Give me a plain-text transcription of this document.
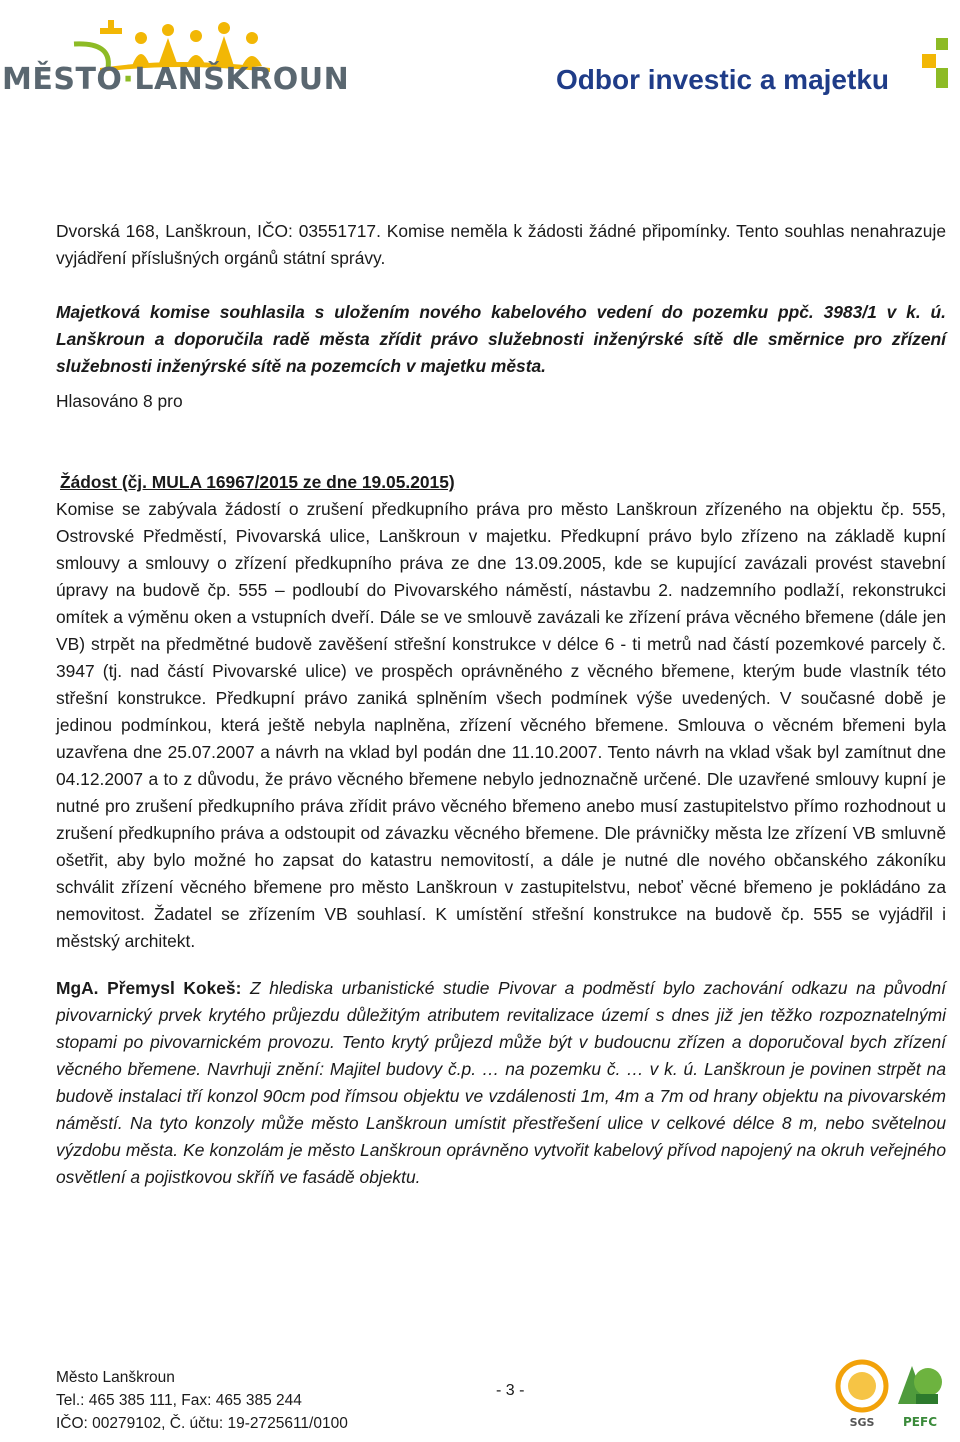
MĚSTO·LANŠKROUN	Odbor investic a majetku

Dvorská 168, Lanškroun, IČO: 03551717. Komise neměla k žádosti žádné připomínky. Tento souhlas nenahrazuje vyjádření příslušných orgánů státní správy.

Majetková komise souhlasila s uložením nového kabelového vedení do pozemku ppč. 3983/1 v k. ú. Lanškroun a doporučila radě města zřídit právo služebnosti inženýrské sítě dle směrnice pro zřízení služebnosti inženýrské sítě na pozemcích v majetku města.

Hlasováno 8 pro

Žádost (čj. MULA 16967/2015 ze dne 19.05.2015)

Komise se zabývala žádostí o zrušení předkupního práva pro město Lanškroun zřízeného na objektu čp. 555, Ostrovské Předměstí, Pivovarská ulice, Lanškroun v majetku. Předkupní právo bylo zřízeno na základě kupní smlouvy a smlouvy o zřízení předkupního práva ze dne 13.09.2005, kde se kupující zavázali provést stavební úpravy na budově čp. 555 – podloubí do Pivovarského náměstí, nástavbu 2. nadzemního podlaží, rekonstrukci omítek a výměnu oken a vstupních dveří. Dále se ve smlouvě zavázali ke zřízení práva věcného břemene (dále jen VB) strpět na předmětné budově zavěšení střešní konstrukce v délce 6 - ti metrů nad částí pozemkové parcely č. 3947 (tj. nad částí Pivovarské ulice) ve prospěch oprávněného z věcného břemene, kterým bude vlastník této střešní konstrukce. Předkupní právo zaniká splněním všech podmínek výše uvedených. V současné době je jedinou podmínkou, která ještě nebyla naplněna, zřízení věcného břemene. Smlouva o věcném břemeni byla uzavřena dne 25.07.2007 a návrh na vklad byl podán dne 11.10.2007. Tento návrh na vklad však byl zamítnut dne 04.12.2007 a to z důvodu, že právo věcného břemene nebylo jednoznačně určené. Dle uzavřené smlouvy kupní je nutné pro zrušení předkupního práva zřídit právo věcného břemeno anebo musí zastupitelstvo přímo rozhodnout u zrušení předkupního práva a odstoupit od závazku věcného břemene. Dle právničky města lze zřízení VB smluvně ošetřit, aby bylo možné ho zapsat do katastru nemovitostí, a dále je nutné dle nového občanského zákoníku schválit zřízení věcného břemene pro město Lanškroun v zastupitelstvu, neboť věcné břemeno je pokládáno za nemovitost. Žadatel se zřízením VB souhlasí. K umístění střešní konstrukce na budově čp. 555 se vyjádřil i městský architekt.

MgA. Přemysl Kokeš: Z hlediska urbanistické studie Pivovar a podměstí bylo zachování odkazu na původní pivovarnický prvek krytého průjezdu důležitým atributem revitalizace území s dnes již jen těžko rozpoznatelnými stopami po pivovarnickém provozu. Tento krytý průjezd může být v budoucnu zřízen a doporučoval bych zřízení věcného břemene. Navrhuji znění: Majitel budovy č.p. … na pozemku č. … v k. ú. Lanškroun je povinen strpět na budově instalaci tří konzol 90cm pod římsou objektu ve vzdálenosti 1m, 4m a 7m od hrany objektu na pivovarském náměstí. Na tyto konzoly může město Lanškroun umístit přestřešení ulice v celkové délce 8 m, nebo světelnou výzdobu města. Ke konzolám je město Lanškroun oprávněno vytvořit kabelový přívod napojený na okruh veřejného osvětlení a pojistkovou skříň ve fasádě objektu.

Město Lanškroun
Tel.: 465 385 111, Fax: 465 385 244
IČO: 00279102, Č. účtu: 19-2725611/0100
- 3 -
SGS PEFC
